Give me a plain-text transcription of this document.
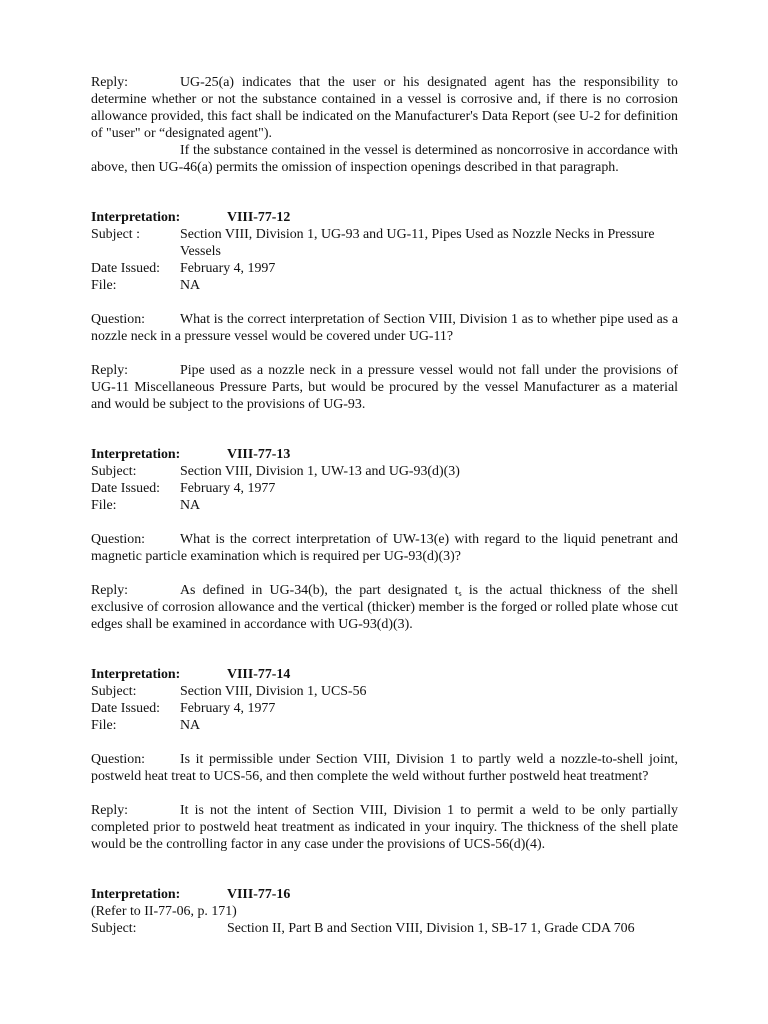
Reply:	UG-25(a) indicates that the user or his designated agent has the responsibility to determine whether or not the substance contained in a vessel is corrosive and, if there is no corrosion allowance provided, this fact shall be indicated on the Manufacturer's Data Report (see U-2 for definition of "user" or “designated agent").

If the substance contained in the vessel is determined as noncorrosive in accordance with above, then UG-46(a) permits the omission of inspection openings described in that paragraph.

Interpretation:	VIII-77-12
Subject :	Section VIII, Division 1, UG-93 and UG-11, Pipes Used as Nozzle Necks in Pressure Vessels
Date Issued:	February 4, 1997
File:	NA

Question:	What is the correct interpretation of Section VIII, Division 1 as to whether pipe used as a nozzle neck in a pressure vessel would be covered under UG-11?

Reply:	Pipe used as a nozzle neck in a pressure vessel would not fall under the provisions of UG-11 Miscellaneous Pressure Parts, but would be procured by the vessel Manufacturer as a material and would be subject to the provisions of UG-93.

Interpretation:	VIII-77-13
Subject:	Section VIII, Division 1, UW-13 and UG-93(d)(3)
Date Issued:	February 4, 1977
File:	NA

Question:	What is the correct interpretation of UW-13(e) with regard to the liquid penetrant and magnetic particle examination which is required per UG-93(d)(3)?

Reply:	As defined in UG-34(b), the part designated $t_s$ is the actual thickness of the shell exclusive of corrosion allowance and the vertical (thicker) member is the forged or rolled plate whose cut edges shall be examined in accordance with UG-93(d)(3).

Interpretation:	VIII-77-14
Subject:	Section VIII, Division 1, UCS-56
Date Issued:	February 4, 1977
File:	NA

Question:	Is it permissible under Section VIII, Division 1 to partly weld a nozzle-to-shell joint, postweld heat treat to UCS-56, and then complete the weld without further postweld heat treatment?

Reply:	It is not the intent of Section VIII, Division 1 to permit a weld to be only partially completed prior to postweld heat treatment as indicated in your inquiry. The thickness of the shell plate would be the controlling factor in any case under the provisions of UCS-56(d)(4).

Interpretation:	VIII-77-16
(Refer to II-77-06, p. 171)
Subject:	Section II, Part B and Section VIII, Division 1, SB-17 1, Grade CDA 706
